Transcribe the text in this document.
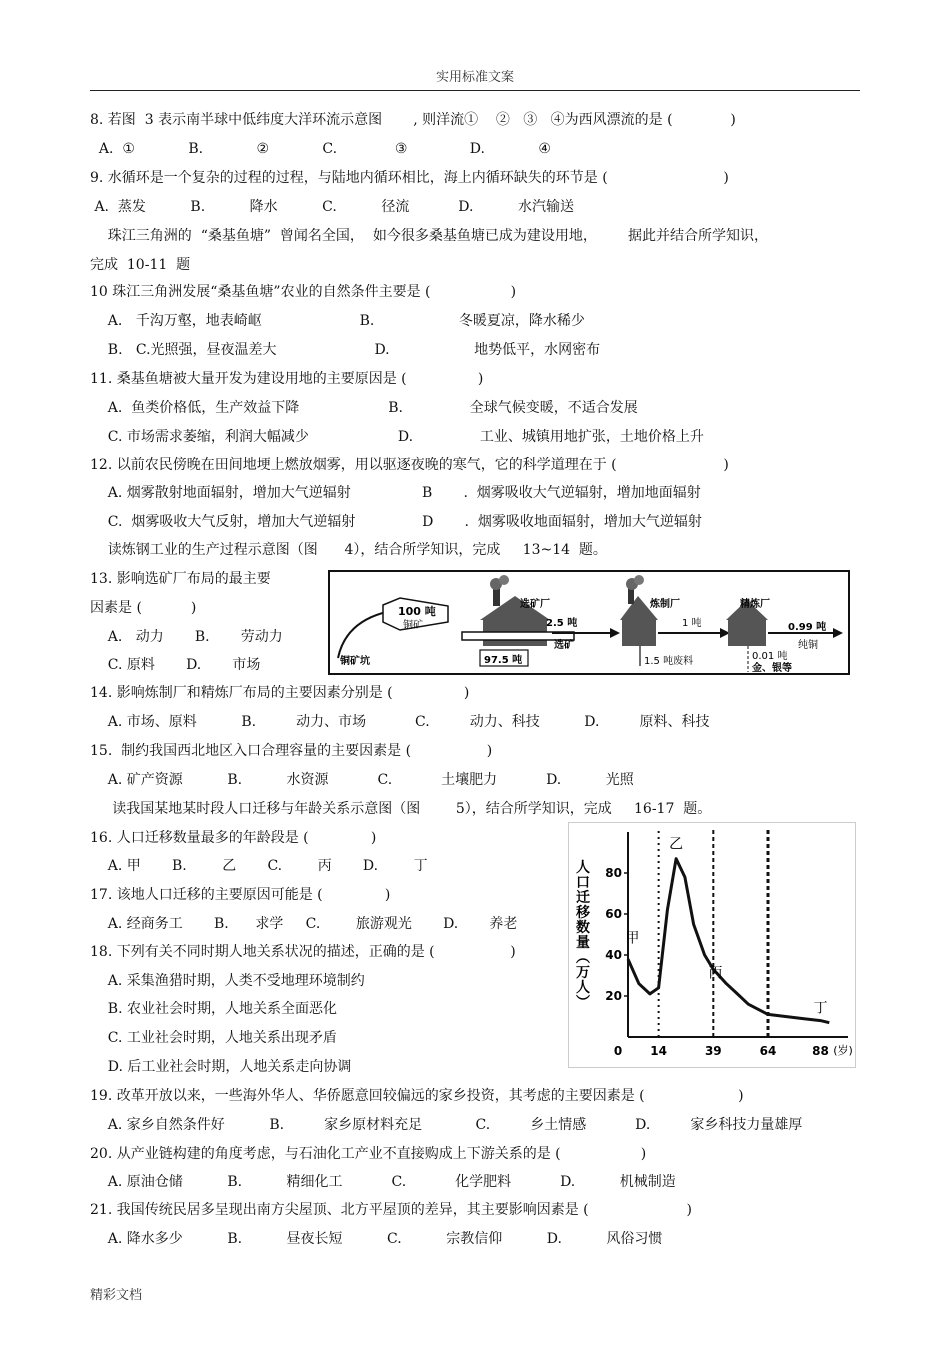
实用标准文案
8. 若图  3 表示南半球中低纬度大洋环流示意图       , 则洋流①    ②   ③   ④为西风漂流的是 (             )
A.  ①            B.            ②            C.             ③              D.            ④
9. 水循环是一个复杂的过程的过程，与陆地内循环相比，海上内循环缺失的环节是 (                          )
A.  蒸发          B.          降水          C.          径流           D.          水汽输送
珠江三角洲的  “桑基鱼塘”  曾闻名全国，  如今很多桑基鱼塘已成为建设用地，       据此并结合所学知识，
完成  10-11  题
10 珠江三角洲发展“桑基鱼塘”农业的自然条件主要是 (                  )
A.   千沟万壑，地表崎岖                      B.                   冬暖夏凉，降水稀少
B.   C.光照强，昼夜温差大                      D.                   地势低平，水网密布
11. 桑基鱼塘被大量开发为建设用地的主要原因是 (                )
A.  鱼类价格低，生产效益下降                    B.               全球气候变暖，不适合发展
C. 市场需求萎缩，利润大幅减少                    D.               工业、城镇用地扩张，土地价格上升
12. 以前农民傍晚在田间地埂上燃放烟雾，用以驱逐夜晚的寒气，它的科学道理在于 (                        )
A. 烟雾散射地面辐射，增加大气逆辐射                B       .  烟雾吸收大气逆辐射，增加地面辐射
C.  烟雾吸收大气反射，增加大气逆辐射               D       .  烟雾吸收地面辐射，增加大气逆辐射
读炼钢工业的生产过程示意图（图      4），结合所学知识，完成     13~14  题。
13. 影响选矿厂布局的最主要
因素是 (           )
A.   动力       B.       劳动力
C. 原料       D.       市场
14. 影响炼制厂和精炼厂布局的主要因素分别是 (                )
A. 市场、原料          B.         动力、市场           C.         动力、科技          D.         原料、科技
15.  制约我国西北地区入口合理容量的主要因素是 (                 )
A. 矿产资源          B.          水资源           C.           土壤肥力           D.          光照
读我国某地某时段人口迁移与年龄关系示意图（图        5），结合所学知识，完成     16-17  题。
16. 人口迁移数量最多的年龄段是 (              )
A. 甲       B.        乙       C.        丙       D.        丁
17. 该地人口迁移的主要原因可能是 (              )
A. 经商务工       B.      求学     C.        旅游观光       D.       养老
18. 下列有关不同时期人地关系状况的描述，正确的是 (                 )
A. 采集渔猎时期，人类不受地理环境制约
B. 农业社会时期，人地关系全面恶化
C. 工业社会时期，人地关系出现矛盾
D. 后工业社会时期，人地关系走向协调
19. 改革开放以来，一些海外华人、华侨愿意回较偏远的家乡投资，其考虑的主要因素是 (                     )
A. 家乡自然条件好          B.         家乡原材料充足            C.         乡土情感           D.         家乡科技力量雄厚
20. 从产业链构建的角度考虑，与石油化工产业不直接购成上下游关系的是 (                  )
A. 原油仓储          B.          精细化工           C.           化学肥料           D.          机械制造
21. 我国传统民居多呈现出南方尖屋顶、北方平屋顶的差异，其主要影响因素是 (                      )
A. 降水多少          B.          昼夜长短          C.          宗教信仰          D.          风俗习惯
100 吨
铜矿
选矿厂
2.5 吨
选矿
炼制厂
1 吨
精炼厂
0.99 吨
纯铜
铜矿坑	97.5 吨	1.5 吨废料	0.01 吨
金、银等
人口迁移数量（万人） 20
40
60
80
0 14	39	64	88 (岁)
甲
乙
丙
丁
精彩文档
